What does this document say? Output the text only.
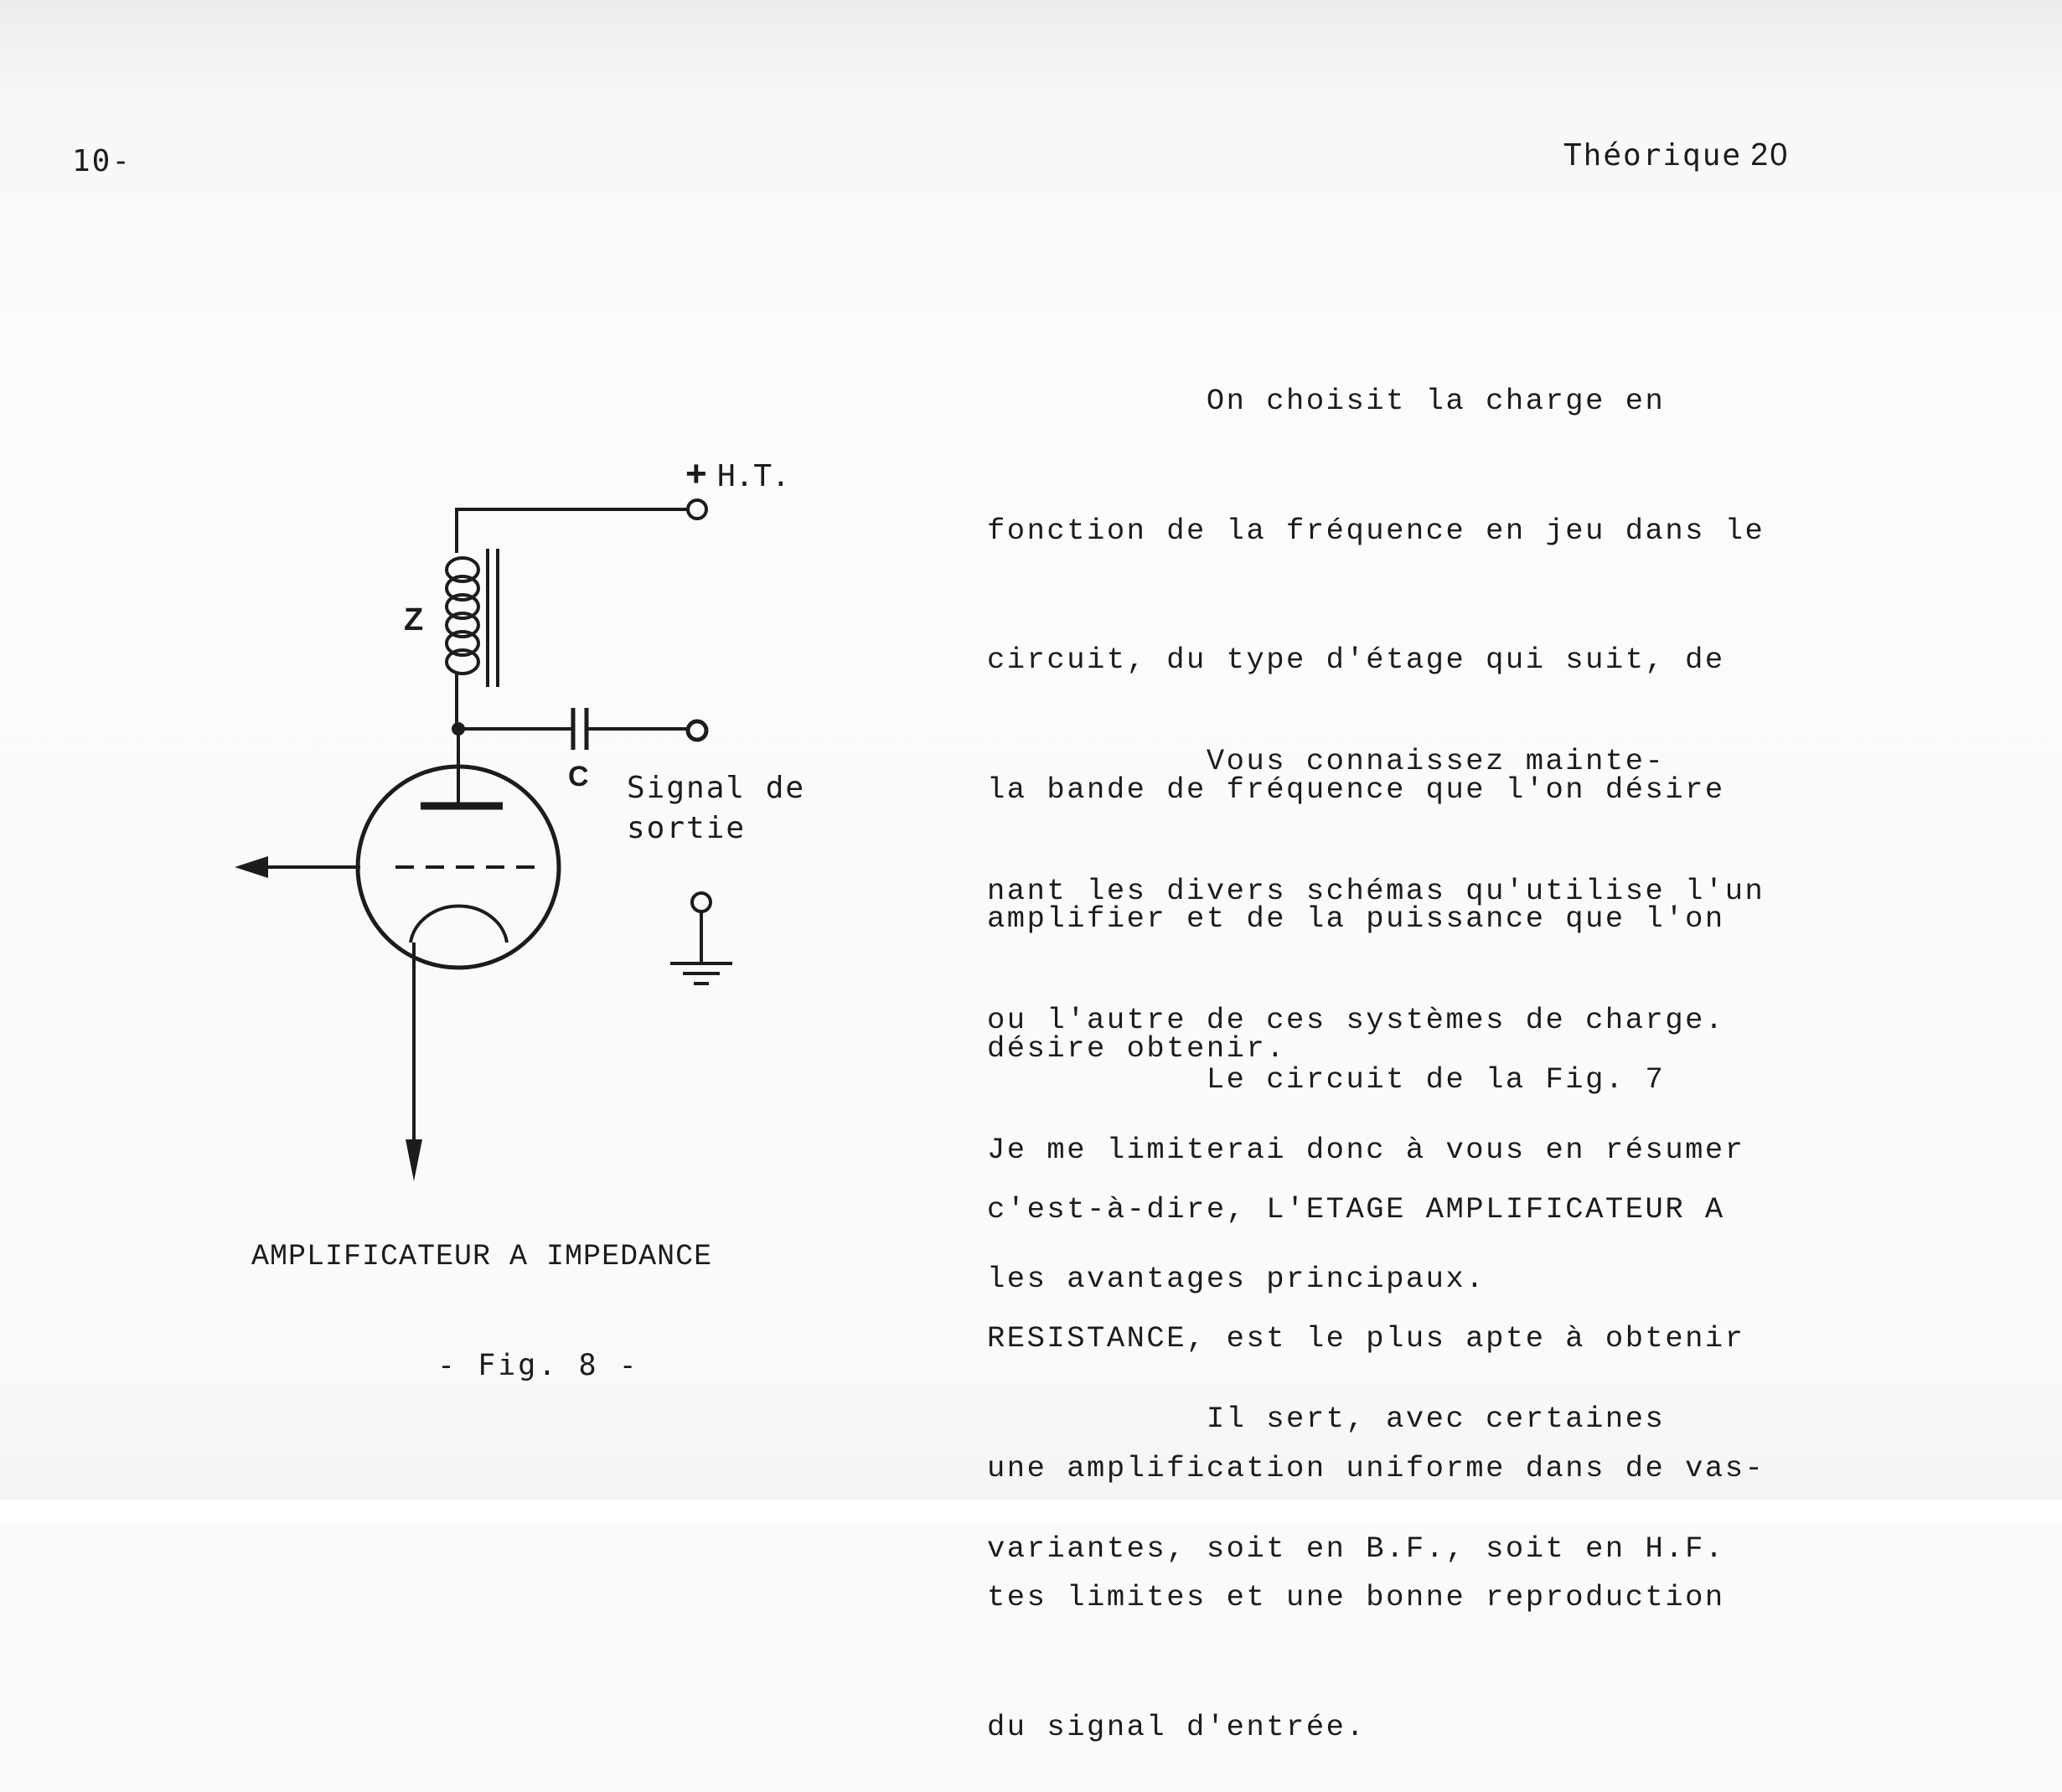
10-	Théorique 20
+ H.T.
Z
C Signal de
sortie
AMPLIFICATEUR A IMPEDANCE
- Fig. 8 -

On choisit la charge en

fonction de la fréquence en jeu dans le

circuit, du type d'étage qui suit, de

la bande de fréquence que l'on désire

amplifier et de la puissance que l'on

désire obtenir.

Vous connaissez mainte-

nant les divers schémas qu'utilise l'un

ou l'autre de ces systèmes de charge.

Je me limiterai donc à vous en résumer

les avantages principaux.

Le circuit de la Fig. 7

c'est-à-dire, L'ETAGE AMPLIFICATEUR A

RESISTANCE, est le plus apte à obtenir

une amplification uniforme dans de vas-

tes limites et une bonne reproduction

du signal d'entrée.

Il sert, avec certaines

variantes, soit en B.F., soit en H.F.
